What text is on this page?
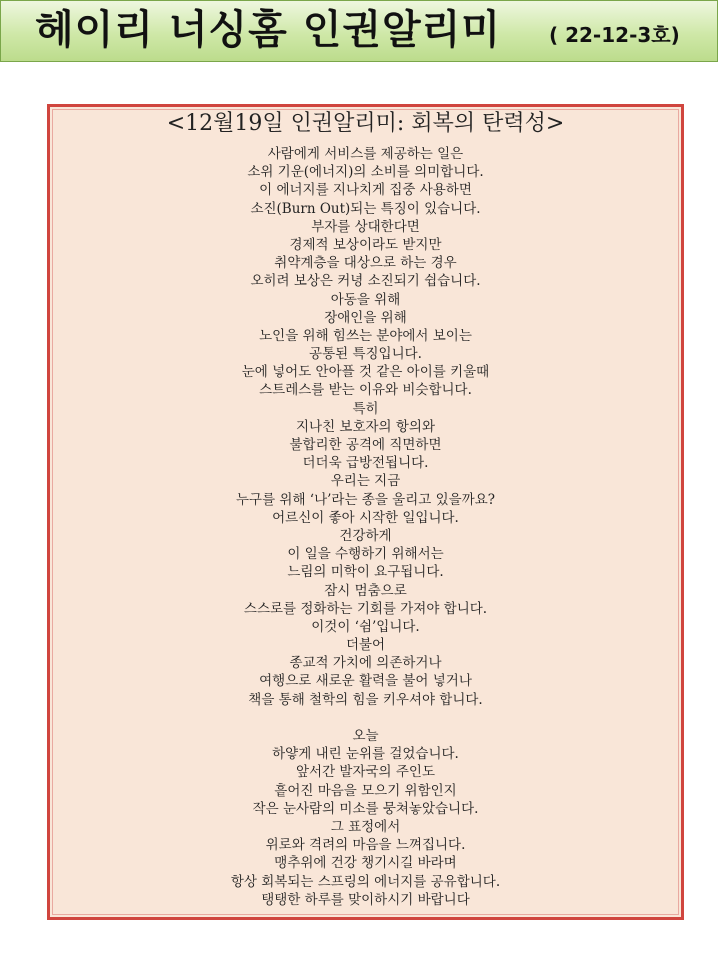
헤이리 너싱홈 인권알리미 ( 22-12-3호)
<12월19일 인권알리미: 회복의 탄력성>
사람에게 서비스를 제공하는 일은
소위 기운(에너지)의 소비를 의미합니다.
이 에너지를 지나치게 집중 사용하면
소진(Burn Out)되는 특징이 있습니다.
부자를 상대한다면
경제적 보상이라도 받지만
취약계층을 대상으로 하는 경우
오히려 보상은 커녕 소진되기 쉽습니다.
아동을 위해
장애인을 위해
노인을 위해 힘쓰는 분야에서 보이는
공통된 특징입니다.
눈에 넣어도 안아플 것 같은 아이를 키울때
스트레스를 받는 이유와 비슷합니다.
특히
지나친 보호자의 항의와
불합리한 공격에 직면하면
더더욱 급방전됩니다.
우리는 지금
누구를 위해 ‘나’라는 종을 울리고 있을까요?
어르신이 좋아 시작한 일입니다.
건강하게
이 일을 수행하기 위해서는
느림의 미학이 요구됩니다.
잠시 멈춤으로
스스로를 정화하는 기회를 가져야 합니다.
이것이 ‘쉼’입니다.
더불어
종교적 가치에 의존하거나
여행으로 새로운 활력을 불어 넣거나
책을 통해 철학의 힘을 키우셔야 합니다.
오늘
하얗게 내린 눈위를 걸었습니다.
앞서간 발자국의 주인도
흩어진 마음을 모으기 위함인지
작은 눈사람의 미소를 뭉쳐놓았습니다.
그 표정에서
위로와 격려의 마음을 느껴집니다.
맹추위에 건강 챙기시길 바라며
항상 회복되는 스프링의 에너지를 공유합니다.
탱탱한 하루를 맞이하시기 바랍니다
